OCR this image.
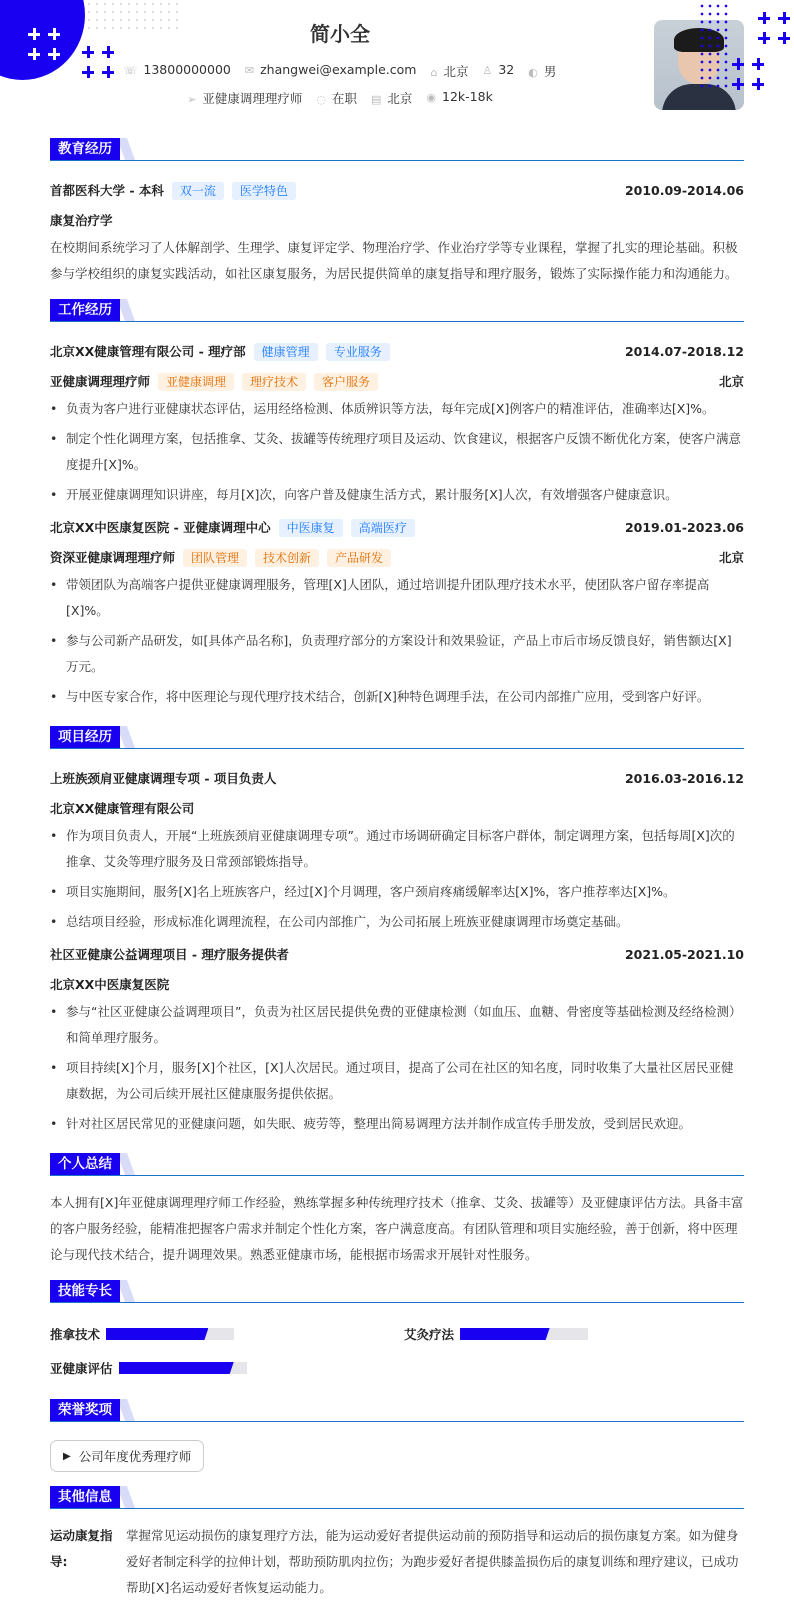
简小全
☏ 13800000000 ✉ zhangwei@example.com ⌂ 北京 ♙ 32 ◐ 男
➢ 亚健康调理理疗师 ◌ 在职 ▤ 北京 ◉ 12k-18k
教育经历
首都医科大学 - 本科 双一流 医学特色	2010.09-2014.06
康复治疗学

在校期间系统学习了人体解剖学、生理学、康复评定学、物理治疗学、作业治疗学等专业课程，掌握了扎实的理论基础。积极参与学校组织的康复实践活动，如社区康复服务，为居民提供简单的康复指导和理疗服务，锻炼了实际操作能力和沟通能力。

工作经历
北京XX健康管理有限公司 - 理疗部 健康管理 专业服务	2014.07-2018.12
亚健康调理理疗师 亚健康调理 理疗技术 客户服务	北京
• 负责为客户进行亚健康状态评估，运用经络检测、体质辨识等方法，每年完成[X]例客户的精准评估，准确率达[X]%。
• 制定个性化调理方案，包括推拿、艾灸、拔罐等传统理疗项目及运动、饮食建议，根据客户反馈不断优化方案，使客户满意度提升[X]%。
• 开展亚健康调理知识讲座，每月[X]次，向客户普及健康生活方式，累计服务[X]人次，有效增强客户健康意识。
北京XX中医康复医院 - 亚健康调理中心 中医康复 高端医疗	2019.01-2023.06
资深亚健康调理理疗师 团队管理 技术创新 产品研发	北京
• 带领团队为高端客户提供亚健康调理服务，管理[X]人团队，通过培训提升团队理疗技术水平，使团队客户留存率提高[X]%。
• 参与公司新产品研发，如[具体产品名称]，负责理疗部分的方案设计和效果验证，产品上市后市场反馈良好，销售额达[X]万元。
• 与中医专家合作，将中医理论与现代理疗技术结合，创新[X]种特色调理手法，在公司内部推广应用，受到客户好评。
项目经历
上班族颈肩亚健康调理专项 - 项目负责人	2016.03-2016.12
北京XX健康管理有限公司
• 作为项目负责人，开展“上班族颈肩亚健康调理专项”。通过市场调研确定目标客户群体，制定调理方案，包括每周[X]次的推拿、艾灸等理疗服务及日常颈部锻炼指导。
• 项目实施期间，服务[X]名上班族客户，经过[X]个月调理，客户颈肩疼痛缓解率达[X]%，客户推荐率达[X]%。
• 总结项目经验，形成标准化调理流程，在公司内部推广，为公司拓展上班族亚健康调理市场奠定基础。
社区亚健康公益调理项目 - 理疗服务提供者	2021.05-2021.10
北京XX中医康复医院
• 参与“社区亚健康公益调理项目”，负责为社区居民提供免费的亚健康检测（如血压、血糖、骨密度等基础检测及经络检测）和简单理疗服务。
• 项目持续[X]个月，服务[X]个社区，[X]人次居民。通过项目，提高了公司在社区的知名度，同时收集了大量社区居民亚健康数据，为公司后续开展社区健康服务提供依据。
• 针对社区居民常见的亚健康问题，如失眠、疲劳等，整理出简易调理方法并制作成宣传手册发放，受到居民欢迎。
个人总结

本人拥有[X]年亚健康调理理疗师工作经验，熟练掌握多种传统理疗技术（推拿、艾灸、拔罐等）及亚健康评估方法。具备丰富的客户服务经验，能精准把握客户需求并制定个性化方案，客户满意度高。有团队管理和项目实施经验，善于创新，将中医理论与现代技术结合，提升调理效果。熟悉亚健康市场，能根据市场需求开展针对性服务。

技能专长
推拿技术	艾灸疗法
亚健康评估
荣誉奖项
▶ 公司年度优秀理疗师
其他信息
运动康复指导:
掌握常见运动损伤的康复理疗方法，能为运动爱好者提供运动前的预防指导和运动后的损伤康复方案。如为健身爱好者制定科学的拉伸计划，帮助预防肌肉拉伤；为跑步爱好者提供膝盖损伤后的康复训练和理疗建议，已成功帮助[X]名运动爱好者恢复运动能力。
